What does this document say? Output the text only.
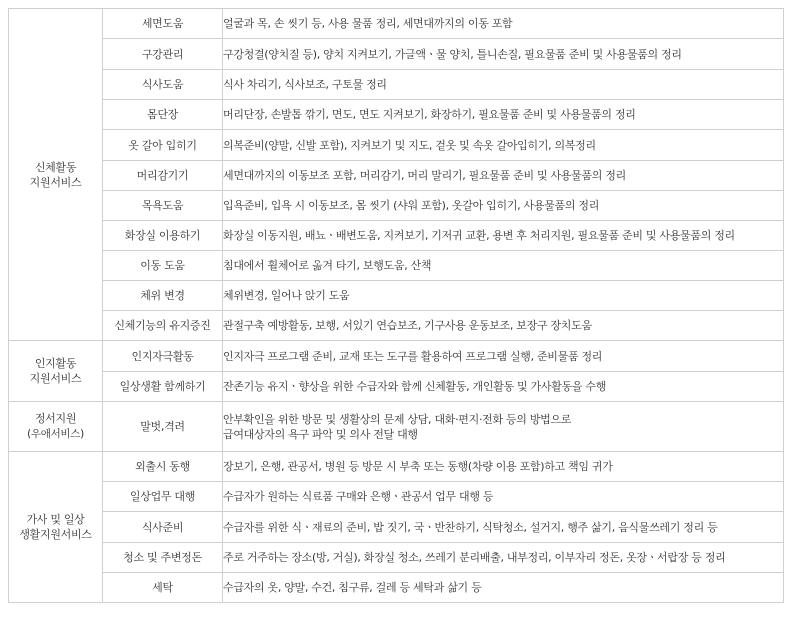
신체활동
지원서비스	세면도움	얼굴과 목, 손 씻기 등, 사용 물품 정리, 세면대까지의 이동 포함

	구강관리	구강청결(양치질 등), 양치 지켜보기, 가글액ㆍ물 양치, 틀니손질, 필요물품 준비 및 사용물품의 정리

	식사도움	식사 차리기, 식사보조, 구토물 정리

	몸단장	머리단장, 손발톱 깎기, 면도, 면도 지켜보기, 화장하기, 필요물품 준비 및 사용물품의 정리

	옷 갈아 입히기	의복준비(양말, 신발 포함), 지켜보기 및 지도, 겉옷 및 속옷 갈아입히기, 의복정리

	머리감기기	세면대까지의 이동보조 포함, 머리감기, 머리 말리기, 필요물품 준비 및 사용물품의 정리

	목욕도움	입욕준비, 입욕 시 이동보조, 몸 씻기 (샤워 포함), 옷갈아 입히기, 사용물품의 정리

	화장실 이용하기	화장실 이동지원, 배뇨ㆍ배변도움, 지켜보기, 기저귀 교환, 용변 후 처리지원, 필요물품 준비 및 사용물품의 정리

	이동 도움	침대에서 휠체어로 옮겨 타기, 보행도움, 산책

	체위 변경	체위변경, 일어나 앉기 도움

	신체기능의 유지증진	관절구축 예방활동, 보행, 서있기 연습보조, 기구사용 운동보조, 보장구 장치도움

인지활동
지원서비스	인지자극활동	인지자극 프로그램 준비, 교재 또는 도구를 활용하여 프로그램 실행, 준비물품 정리

	일상생활 함께하기	잔존기능 유지ㆍ향상을 위한 수급자와 함께 신체활동, 개인활동 및 가사활동을 수행

정서지원
(우애서비스)	말벗,격려	안부확인을 위한 방문 및 생활상의 문제 상담, 대화·편지·전화 등의 방법으로
급여대상자의 욕구 파악 및 의사 전달 대행

가사 및 일상
생활지원서비스	외출시 동행	장보기, 은행, 관공서, 병원 등 방문 시 부축 또는 동행(차량 이용 포함)하고 책임 귀가

	일상업무 대행	수급자가 원하는 식료품 구매와 은행ㆍ관공서 업무 대행 등

	식사준비	수급자를 위한 식ㆍ재료의 준비, 밥 짓기, 국ㆍ반찬하기, 식탁청소, 설거지, 행주 삶기, 음식물쓰레기 정리 등

	청소 및 주변정돈	주로 거주하는 장소(방, 거실), 화장실 청소, 쓰레기 분리배출, 내부정리, 이부자리 정돈, 옷장ㆍ서랍장 등 정리

	세탁	수급자의 옷, 양말, 수건, 침구류, 걸레 등 세탁과 삶기 등
